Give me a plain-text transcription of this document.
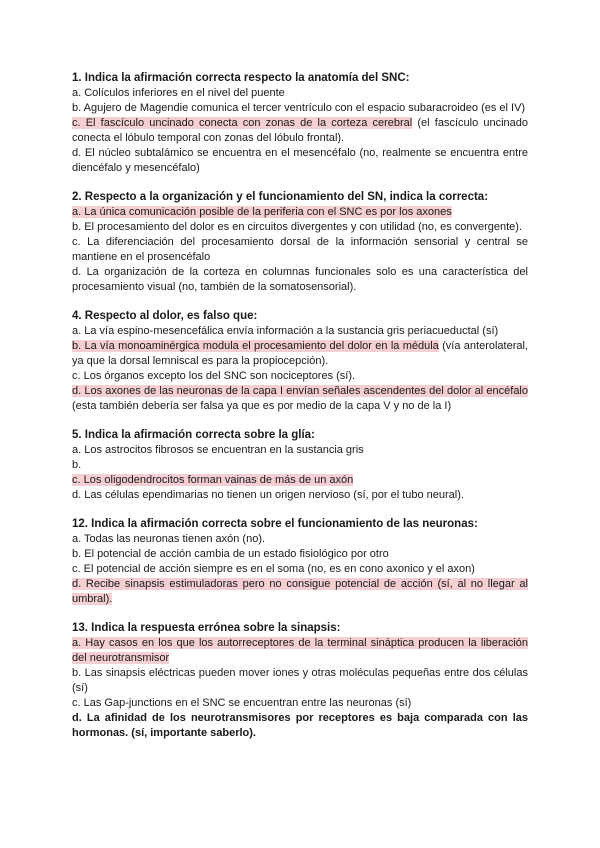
1. Indica la afirmación correcta respecto la anatomía del SNC:

a. Colículos inferiores en el nivel del puente

b. Agujero de Magendie comunica el tercer ventrículo con el espacio subaracroideo (es el IV)

c. El fascículo uncinado conecta con zonas de la corteza cerebral (el fascículo uncinado conecta el lóbulo temporal con zonas del lóbulo frontal).

d. El núcleo subtalámico se encuentra en el mesencéfalo (no, realmente se encuentra entre diencéfalo y mesencéfalo)

2. Respecto a la organización y el funcionamiento del SN, indica la correcta:

a. La única comunicación posible de la periferia con el SNC es por los axones

b. El procesamiento del dolor es en circuitos divergentes y con utilidad (no, es convergente).

c. La diferenciación del procesamiento dorsal de la información sensorial y central se mantiene en el prosencéfalo

d. La organización de la corteza en columnas funcionales solo es una característica del procesamiento visual (no, también de la somatosensorial).

4. Respecto al dolor, es falso que:

a. La vía espino-mesencefálica envía información a la sustancia gris periacueductal (sí)

b. La vía monoaminérgica modula el procesamiento del dolor en la médula (vía anterolateral, ya que la dorsal lemniscal es para la propiocepción).

c. Los órganos excepto los del SNC son nociceptores (sí).

d. Los axones de las neuronas de la capa I envían señales ascendentes del dolor al encéfalo (esta también debería ser falsa ya que es por medio de la capa V y no de la I)

5. Indica la afirmación correcta sobre la glía:

a. Los astrocitos fibrosos se encuentran en la sustancia gris

b.

c. Los oligodendrocitos forman vainas de más de un axón

d. Las células ependimarias no tienen un origen nervioso (sí, por el tubo neural).

12. Indica la afirmación correcta sobre el funcionamiento de las neuronas:

a. Todas las neuronas tienen axón (no).

b. El potencial de acción cambia de un estado fisiológico por otro

c. El potencial de acción siempre es en el soma (no, es en cono axonico y el axon)

d. Recibe sinapsis estimuladoras pero no consigue potencial de acción (sí, al no llegar al umbral).

13. Indica la respuesta errónea sobre la sinapsis:

a. Hay casos en los que los autorreceptores de la terminal sináptica producen la liberación del neurotransmisor

b. Las sinapsis eléctricas pueden mover iones y otras moléculas pequeñas entre dos células (sí)

c. Las Gap-junctions en el SNC se encuentran entre las neuronas (sí)

d. La afinidad de los neurotransmisores por receptores es baja comparada con las hormonas. (sí, importante saberlo).
